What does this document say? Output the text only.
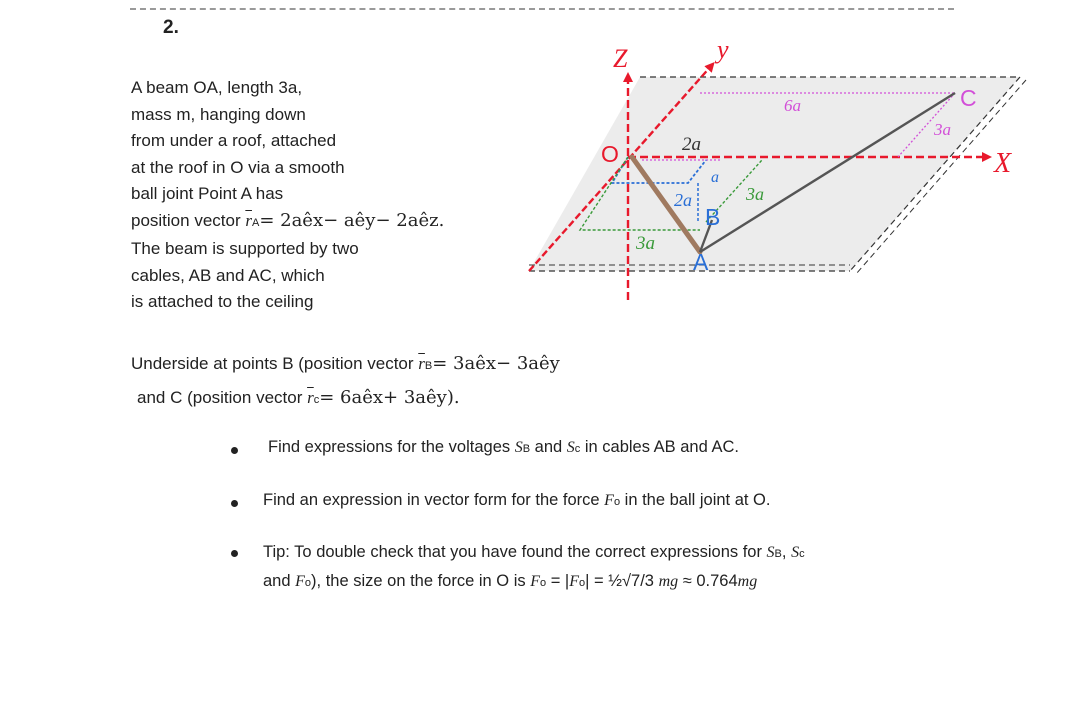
2.
A beam OA, length 3a,
mass m, hanging down
from under a roof, attached
at the roof in O via a smooth
ball joint Point A has
position vector $\overline{r}A=$ 2aêx− aêy− 2aêz.
The beam is supported by two
cables, AB and AC, which
is attached to the ceiling
Underside at points B (position vector $\overline{r}B=$ 3aêx− 3aêy
and C (position vector $\overline{r}c=$ 6aêx+ 3aêy).
Find expressions for the voltages SB and Sc in cables AB and AC.
Find an expression in vector form for the force Fo in the ball joint at O.
Tip: To double check that you have found the correct expressions for SB, Sc
and Fo), the size on the force in O is Fo = |Fo| = ½√7/3 mg ≈ 0.764mg
Z	y
X
O
B
A
C
6a
3a
2a
a
2a	3a
3a
